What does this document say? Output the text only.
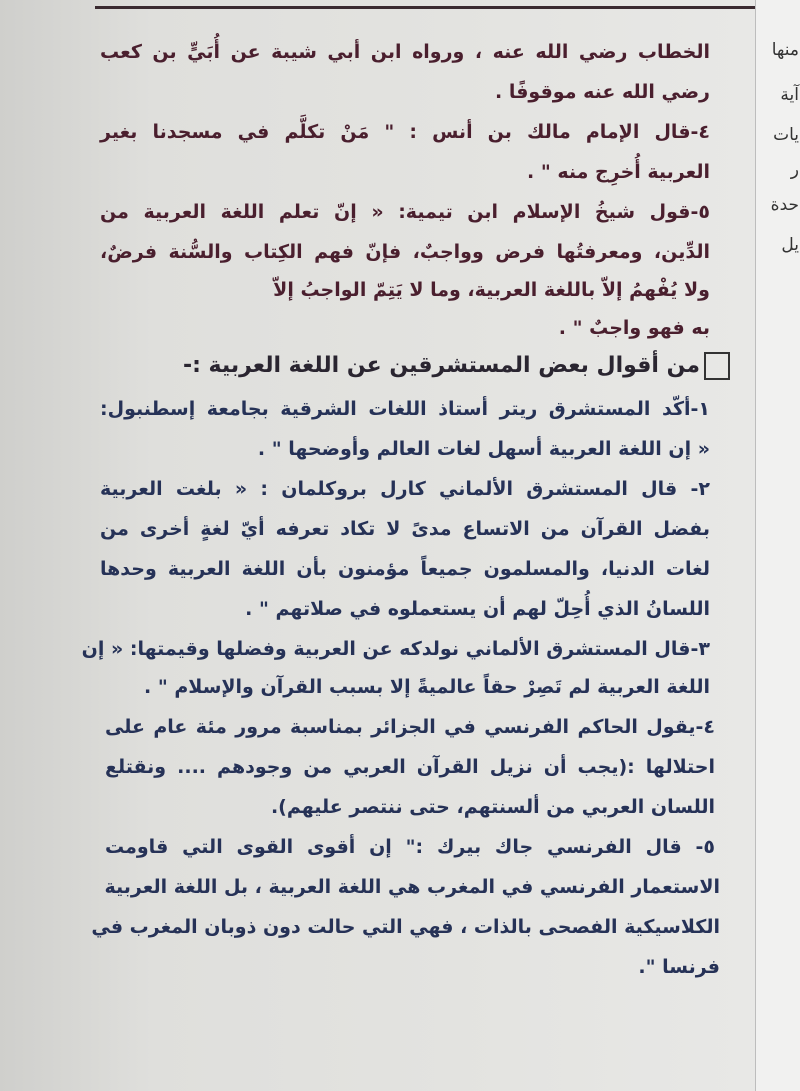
الخطاب رضي الله عنه ، ورواه ابن أبي شيبة عن أُبَيٍّ بن كعب
رضي الله عنه موقوفًا .
٤-قال الإمام مالك بن أنس : " مَنْ تكلَّم في مسجدنا بغير
العربية أُخرِج منه " .
٥-قول شيخُ الإسلام ابن تيمية: « إنّ تعلم اللغة العربية من
الدِّين، ومعرفتُها فرض وواجبٌ، فإنّ فهم الكِتاب والسُّنة فرضٌ،
ولا يُفْهمُ إلاّ باللغة العربية، وما لا يَتِمّ الواجبُ إلاّ
به فهو واجبٌ " .
من أقوال بعض المستشرقين عن اللغة العربية :-
١-أكّد المستشرق ريتر أستاذ اللغات الشرقية بجامعة إسطنبول:
« إن اللغة العربية أسهل لغات العالم وأوضحها " .
٢- قال المستشرق الألماني كارل بروكلمان : « بلغت العربية
بفضل القرآن من الاتساع مدىً لا تكاد تعرفه أيّ لغةٍ أخرى من
لغات الدنيا، والمسلمون جميعاً مؤمنون بأن اللغة العربية وحدها
اللسانُ الذي أُحِلّ لهم أن يستعملوه في صلاتهم " .
٣-قال المستشرق الألماني نولدكه عن العربية وفضلها وقيمتها: « إن
اللغة العربية لم تَصِرْ حقاً عالميةً إلا بسبب القرآن والإسلام " .
٤-يقول الحاكم الفرنسي في الجزائر بمناسبة مرور مئة عام على
احتلالها :(يجب أن نزيل القرآن العربي من وجودهم .... ونقتلع
اللسان العربي من ألسنتهم، حتى ننتصر عليهم).
٥- قال الفرنسي جاك بيرك :" إن أقوى القوى التي قاومت
الاستعمار الفرنسي في المغرب هي اللغة العربية ، بل اللغة العربية
الكلاسيكية الفصحى بالذات ، فهي التي حالت دون ذوبان المغرب في
فرنسا ".
منها
آية
يات
ر
حدة
يل
